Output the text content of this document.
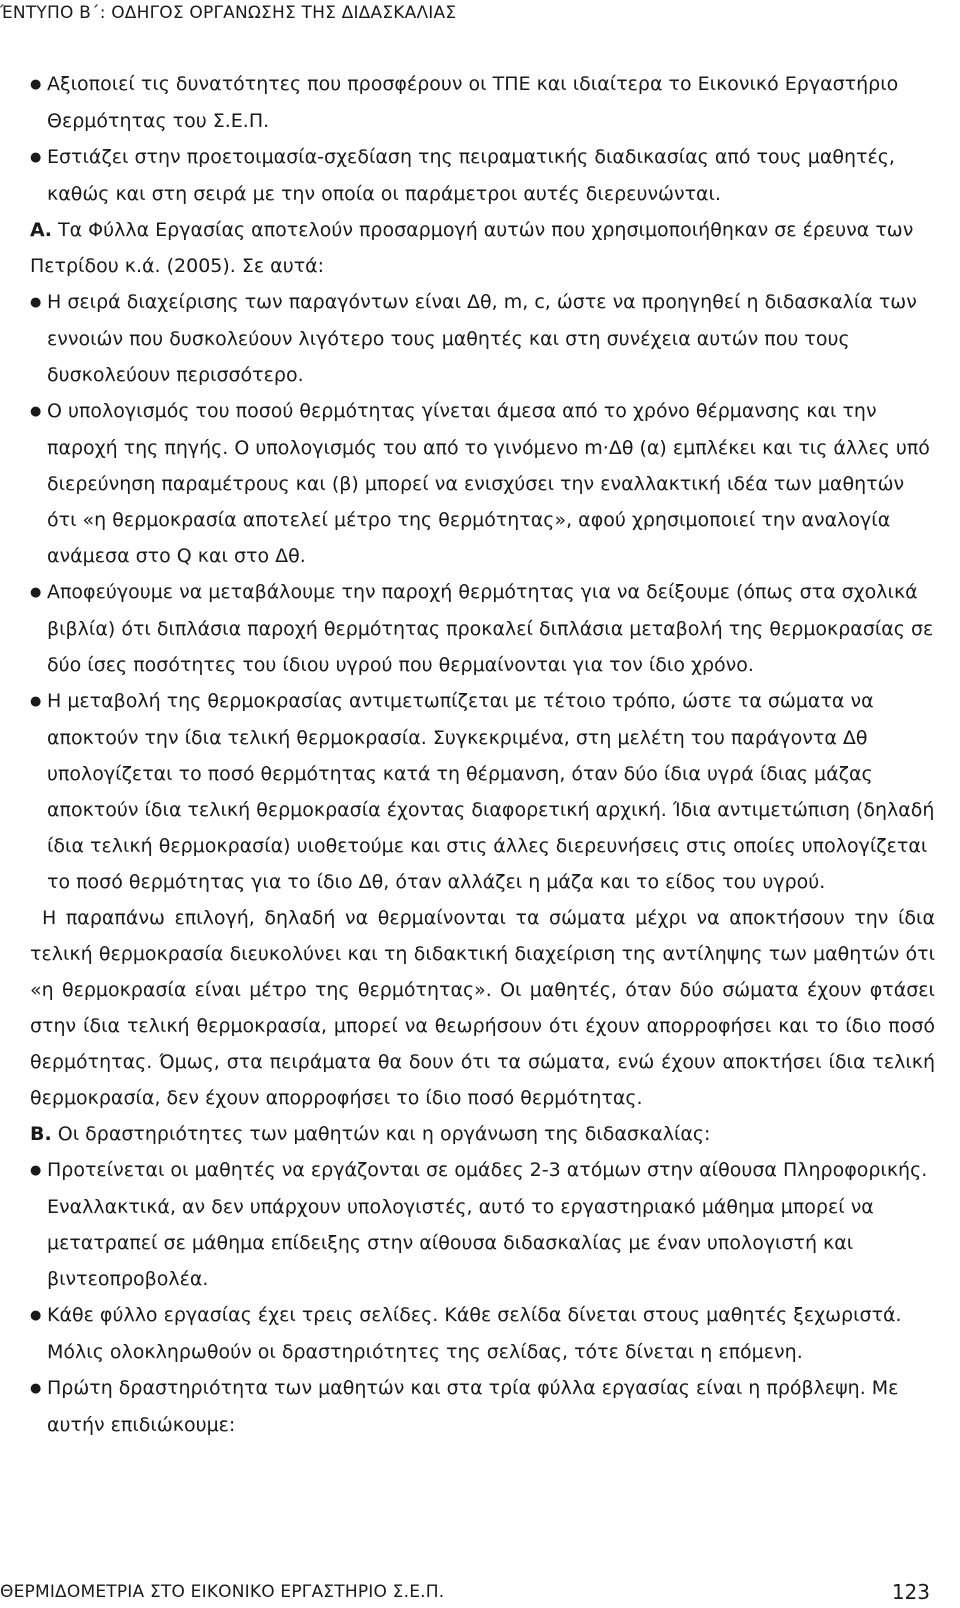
ΈΝΤΥΠΟ Β΄: ΟΔΗΓΟΣ ΟΡΓΑΝΩΣΗΣ ΤΗΣ ΔΙΔΑΣΚΑΛΙΑΣ
● Αξιοποιεί τις δυνατότητες που προσφέρουν οι ΤΠΕ και ιδιαίτερα το Εικονικό Εργαστήριο Θερμότητας του Σ.Ε.Π.
● Εστιάζει στην προετοιμασία-σχεδίαση της πειραματικής διαδικασίας από τους μαθητές, καθώς και στη σειρά με την οποία οι παράμετροι αυτές διερευνώνται.
Α. Τα Φύλλα Εργασίας αποτελούν προσαρμογή αυτών που χρησιμοποιήθηκαν σε έρευνα των Πετρίδου κ.ά. (2005). Σε αυτά:
● Η σειρά διαχείρισης των παραγόντων είναι Δθ, m, c, ώστε να προηγηθεί η διδασκαλία των εννοιών που δυσκολεύουν λιγότερο τους μαθητές και στη συνέχεια αυτών που τους δυσκολεύουν περισσότερο.
● Ο υπολογισμός του ποσού θερμότητας γίνεται άμεσα από το χρόνο θέρμανσης και την παροχή της πηγής. Ο υπολογισμός του από το γινόμενο m·Δθ (α) εμπλέκει και τις άλλες υπό διερεύνηση παραμέτρους και (β) μπορεί να ενισχύσει την εναλλακτική ιδέα των μαθητών ότι «η θερμοκρασία αποτελεί μέτρο της θερμότητας», αφού χρησιμοποιεί την αναλογία ανάμεσα στο Q και στο Δθ.
● Αποφεύγουμε να μεταβάλουμε την παροχή θερμότητας για να δείξουμε (όπως στα σχολικά βιβλία) ότι διπλάσια παροχή θερμότητας προκαλεί διπλάσια μεταβολή της θερμοκρασίας σε δύο ίσες ποσότητες του ίδιου υγρού που θερμαίνονται για τον ίδιο χρόνο.
● Η μεταβολή της θερμοκρασίας αντιμετωπίζεται με τέτοιο τρόπο, ώστε τα σώματα να αποκτούν την ίδια τελική θερμοκρασία. Συγκεκριμένα, στη μελέτη του παράγοντα Δθ υπολογίζεται το ποσό θερμότητας κατά τη θέρμανση, όταν δύο ίδια υγρά ίδιας μάζας αποκτούν ίδια τελική θερμοκρασία έχοντας διαφορετική αρχική. Ίδια αντιμετώπιση (δηλαδή ίδια τελική θερμοκρασία) υιοθετούμε και στις άλλες διερευνήσεις στις οποίες υπολογίζεται το ποσό θερμότητας για το ίδιο Δθ, όταν αλλάζει η μάζα και το είδος του υγρού.
Η παραπάνω επιλογή, δηλαδή να θερμαίνονται τα σώματα μέχρι να αποκτήσουν την ίδια τελική θερμοκρασία διευκολύνει και τη διδακτική διαχείριση της αντίληψης των μαθητών ότι «η θερμοκρασία είναι μέτρο της θερμότητας». Οι μαθητές, όταν δύο σώματα έχουν φτάσει στην ίδια τελική θερμοκρασία, μπορεί να θεωρήσουν ότι έχουν απορροφήσει και το ίδιο ποσό θερμότητας. Όμως, στα πειράματα θα δουν ότι τα σώματα, ενώ έχουν αποκτήσει ίδια τελική θερμοκρασία, δεν έχουν απορροφήσει το ίδιο ποσό θερμότητας.
Β. Οι δραστηριότητες των μαθητών και η οργάνωση της διδασκαλίας:
● Προτείνεται οι μαθητές να εργάζονται σε ομάδες 2-3 ατόμων στην αίθουσα Πληροφορικής. Εναλλακτικά, αν δεν υπάρχουν υπολογιστές, αυτό το εργαστηριακό μάθημα μπορεί να μετατραπεί σε μάθημα επίδειξης στην αίθουσα διδασκαλίας με έναν υπολογιστή και βιντεοπροβολέα.
● Κάθε φύλλο εργασίας έχει τρεις σελίδες. Κάθε σελίδα δίνεται στους μαθητές ξεχωριστά. Μόλις ολοκληρωθούν οι δραστηριότητες της σελίδας, τότε δίνεται η επόμενη.
● Πρώτη δραστηριότητα των μαθητών και στα τρία φύλλα εργασίας είναι η πρόβλεψη. Με αυτήν επιδιώκουμε:
ΘΕΡΜΙΔΟΜΕΤΡΙΑ ΣΤΟ ΕΙΚΟΝΙΚΟ ΕΡΓΑΣΤΗΡΙΟ Σ.Ε.Π.	123
